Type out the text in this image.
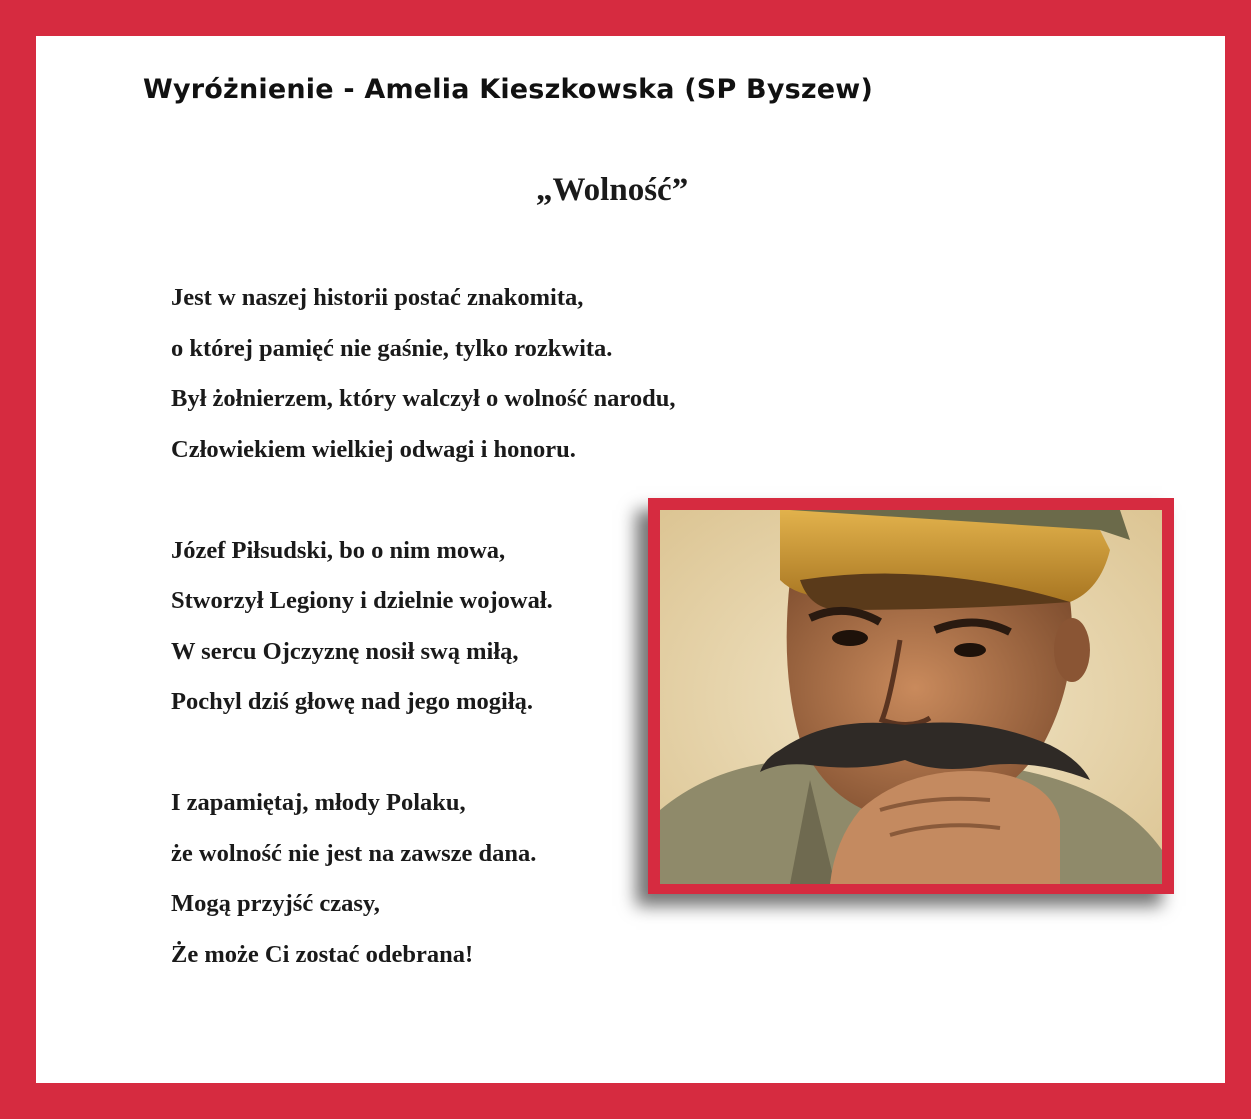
Wyróżnienie - Amelia Kieszkowska (SP Byszew)
„Wolność”
Jest w naszej historii postać znakomita,
o której pamięć nie gaśnie, tylko rozkwita.
Był żołnierzem, który walczył o wolność narodu,
Człowiekiem wielkiej odwagi i honoru.
Józef Piłsudski, bo o nim mowa,
Stworzył Legiony i dzielnie wojował.
W sercu Ojczyznę nosił swą miłą,
Pochyl dziś głowę nad jego mogiłą.
I zapamiętaj, młody Polaku,
że wolność nie jest na zawsze dana.
Mogą przyjść czasy,
Że może Ci zostać odebrana!
